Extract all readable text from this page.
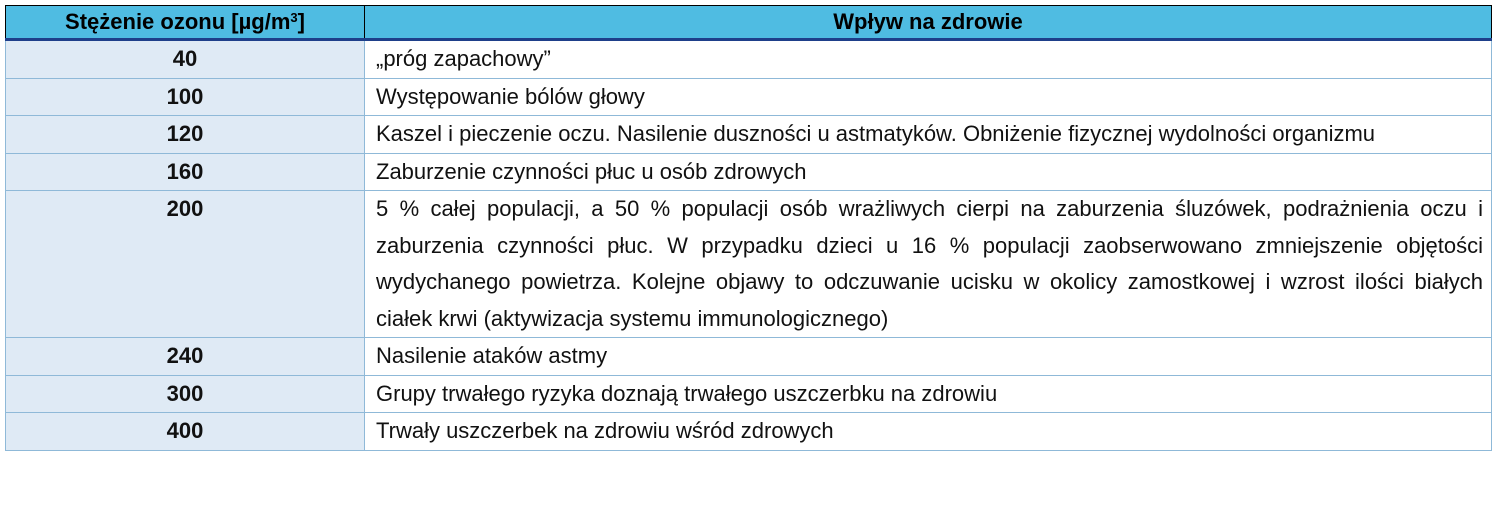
Stężenie ozonu $[\mu g/m^3]$	Wpływ na zdrowie
40	„próg zapachowy”
100	Występowanie bólów głowy
120	Kaszel i pieczenie oczu. Nasilenie duszności u astmatyków. Obniżenie fizycznej wydolności organizmu
160	Zaburzenie czynności płuc u osób zdrowych
200	5 % całej populacji, a 50 % populacji osób wrażliwych cierpi na zaburzenia śluzówek, podrażnienia oczu i zaburzenia czynności płuc. W przypadku dzieci u 16 % populacji zaobserwowano zmniejszenie objętości wydychanego powietrza. Kolejne objawy to odczuwanie ucisku w okolicy zamostkowej i wzrost ilości białych ciałek krwi (aktywizacja systemu immunologicznego)
240	Nasilenie ataków astmy
300	Grupy trwałego ryzyka doznają trwałego uszczerbku na zdrowiu
400	Trwały uszczerbek na zdrowiu wśród zdrowych
